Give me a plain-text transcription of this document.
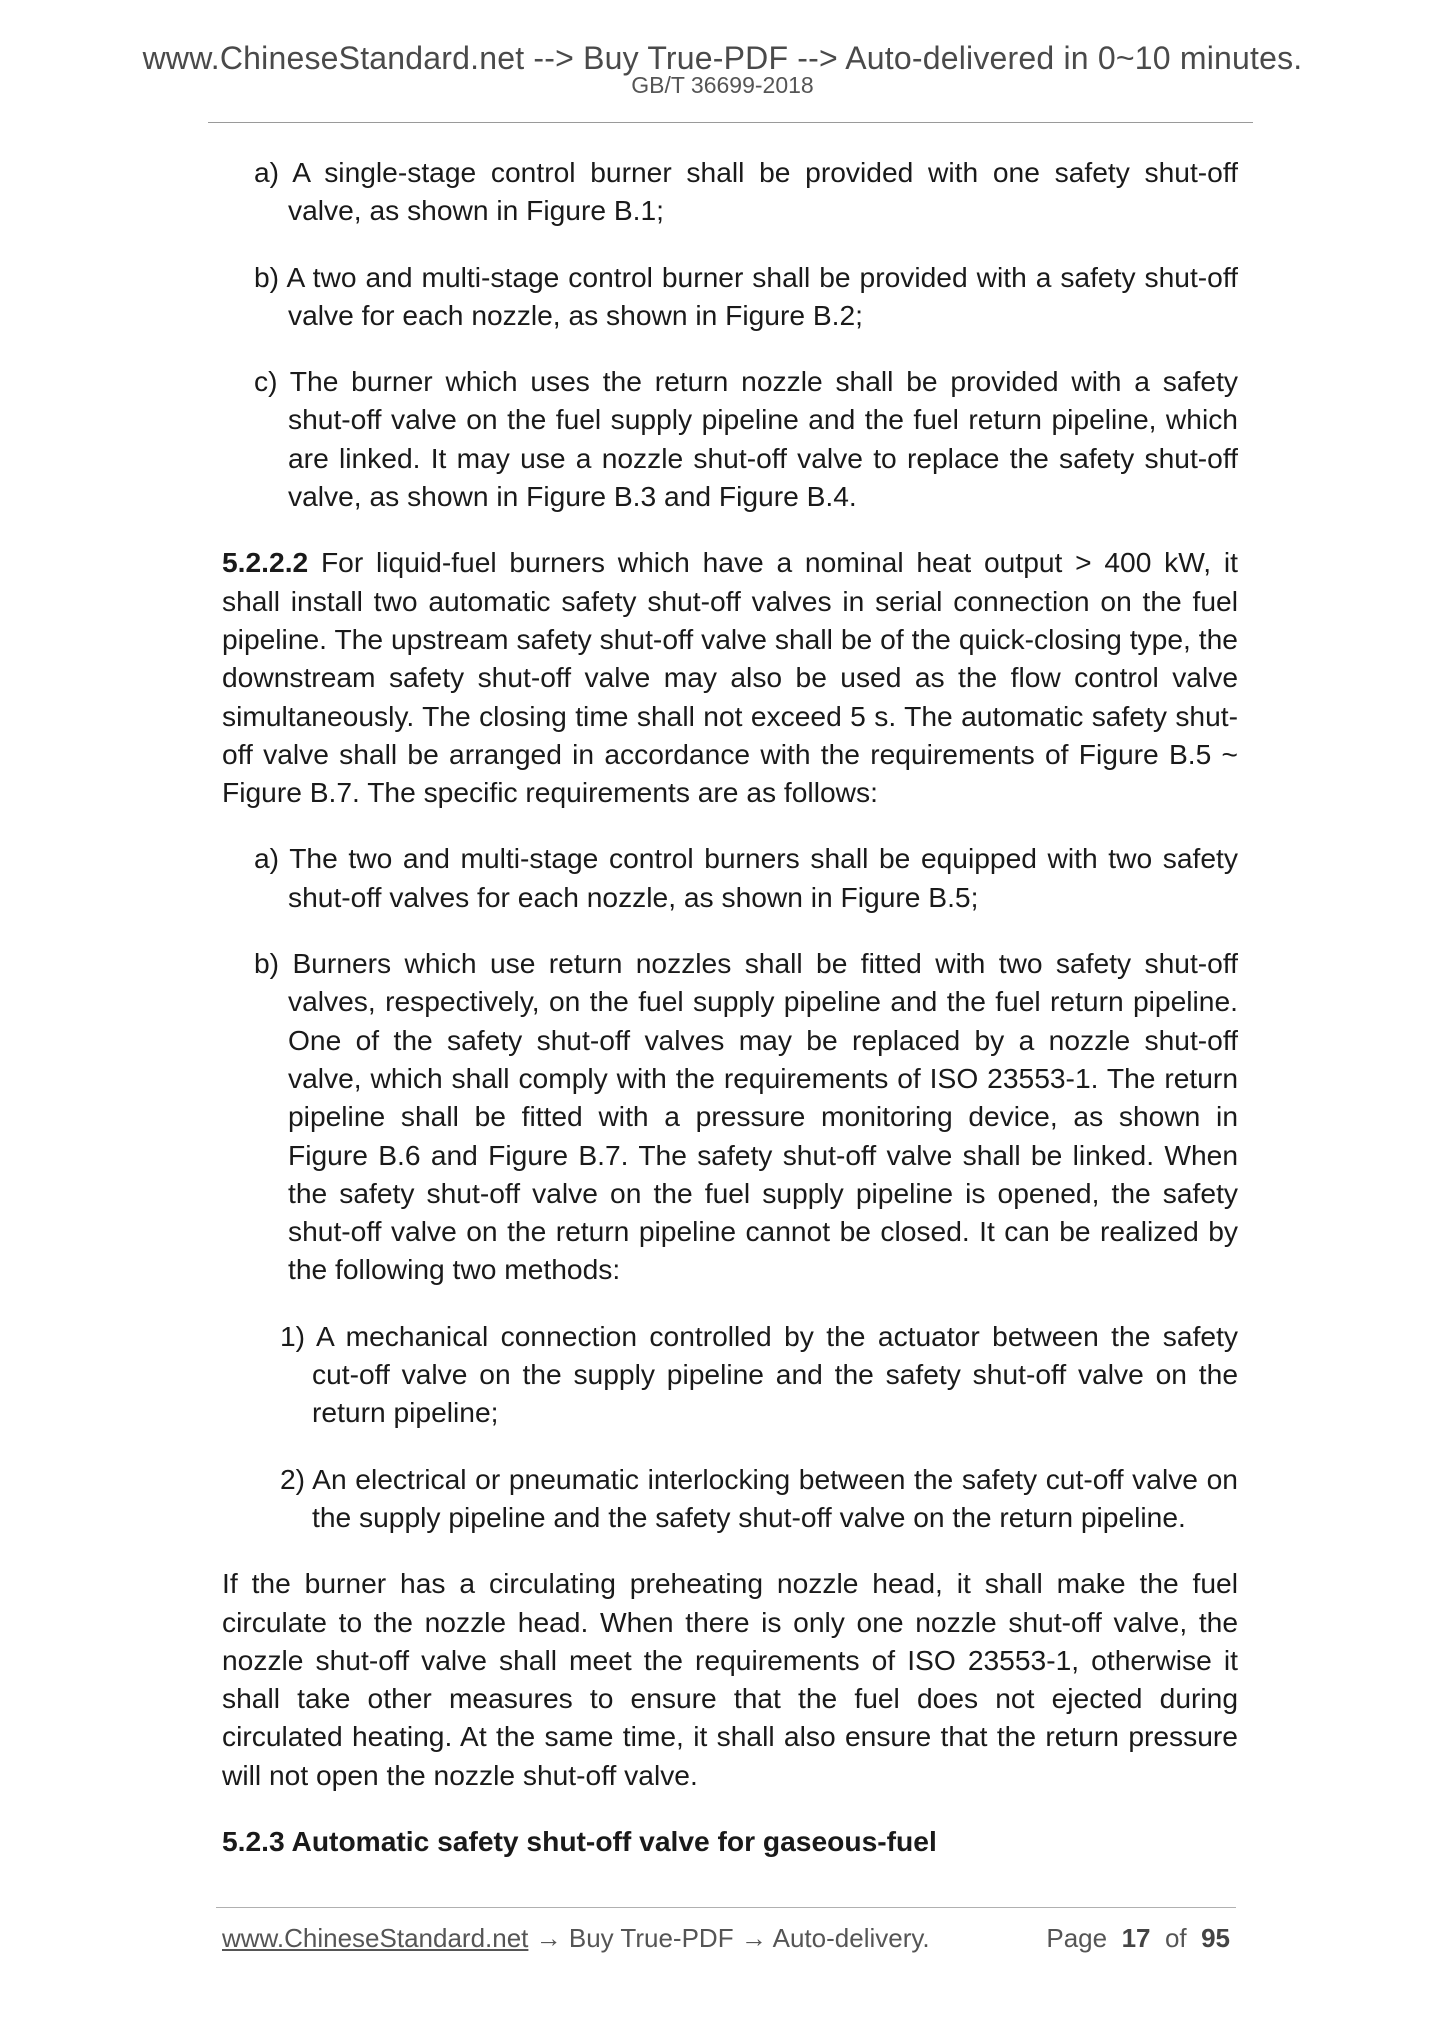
www.ChineseStandard.net --> Buy True-PDF --> Auto-delivered in 0~10 minutes.
GB/T 36699-2018

a) A single-stage control burner shall be provided with one safety shut-off valve, as shown in Figure B.1;

b) A two and multi-stage control burner shall be provided with a safety shut-off valve for each nozzle, as shown in Figure B.2;

c) The burner which uses the return nozzle shall be provided with a safety shut-off valve on the fuel supply pipeline and the fuel return pipeline, which are linked. It may use a nozzle shut-off valve to replace the safety shut-off valve, as shown in Figure B.3 and Figure B.4.

5.2.2.2 For liquid-fuel burners which have a nominal heat output > 400 kW, it shall install two automatic safety shut-off valves in serial connection on the fuel pipeline. The upstream safety shut-off valve shall be of the quick-closing type, the downstream safety shut-off valve may also be used as the flow control valve simultaneously. The closing time shall not exceed 5 s. The automatic safety shut-off valve shall be arranged in accordance with the requirements of Figure B.5 ~ Figure B.7. The specific requirements are as follows:

a) The two and multi-stage control burners shall be equipped with two safety shut-off valves for each nozzle, as shown in Figure B.5;

b) Burners which use return nozzles shall be fitted with two safety shut-off valves, respectively, on the fuel supply pipeline and the fuel return pipeline. One of the safety shut-off valves may be replaced by a nozzle shut-off valve, which shall comply with the requirements of ISO 23553-1. The return pipeline shall be fitted with a pressure monitoring device, as shown in Figure B.6 and Figure B.7. The safety shut-off valve shall be linked. When the safety shut-off valve on the fuel supply pipeline is opened, the safety shut-off valve on the return pipeline cannot be closed. It can be realized by the following two methods:

1) A mechanical connection controlled by the actuator between the safety cut-off valve on the supply pipeline and the safety shut-off valve on the return pipeline;

2) An electrical or pneumatic interlocking between the safety cut-off valve on the supply pipeline and the safety shut-off valve on the return pipeline.

If the burner has a circulating preheating nozzle head, it shall make the fuel circulate to the nozzle head. When there is only one nozzle shut-off valve, the nozzle shut-off valve shall meet the requirements of ISO 23553-1, otherwise it shall take other measures to ensure that the fuel does not ejected during circulated heating. At the same time, it shall also ensure that the return pressure will not open the nozzle shut-off valve.

5.2.3 Automatic safety shut-off valve for gaseous-fuel

www.ChineseStandard.net → Buy True-PDF → Auto-delivery.	Page 17 of 95
